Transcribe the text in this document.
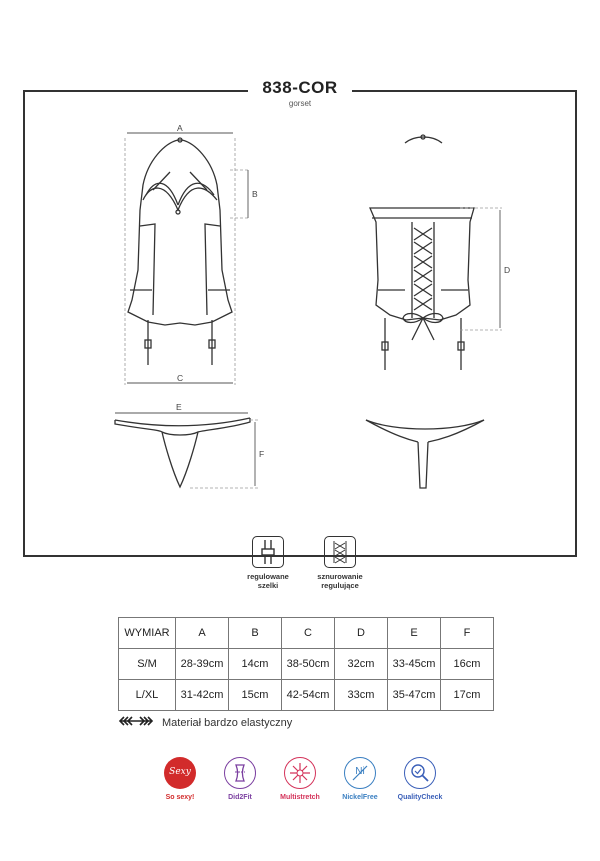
838-COR
gorset
A
B
C
D
E
F
regulowane szelki
sznurowanie regulujące
WYMIAR	A	B	C	D	E	F
S/M	28-39cm	14cm	38-50cm	32cm	33-45cm	16cm
L/XL	31-42cm	15cm	42-54cm	33cm	35-47cm	17cm
Materiał bardzo elastyczny
Sexy
So sexy!	Did2Fit	Multistretch
Ni
NickelFree	QualityCheck
